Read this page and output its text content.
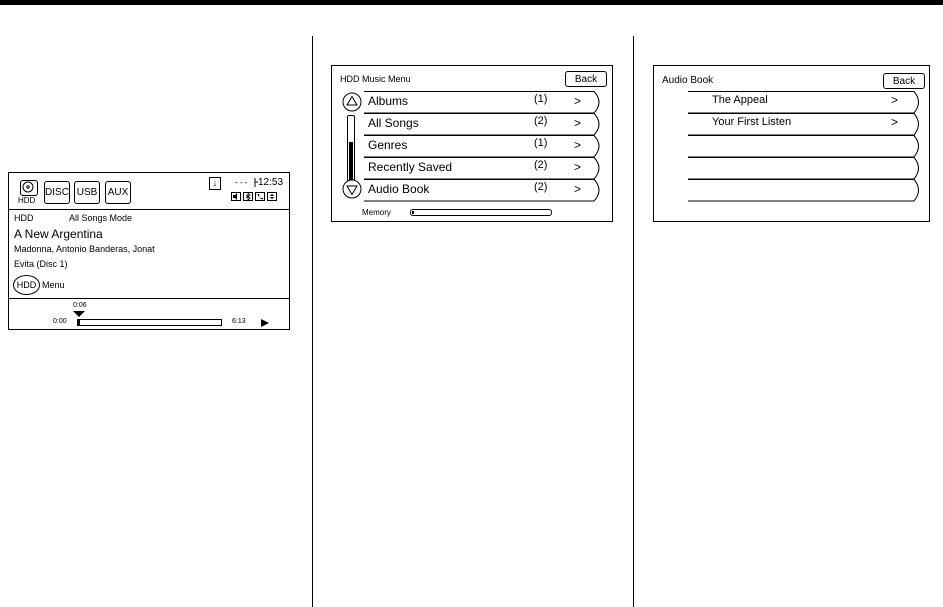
HDD
DISC USB AUX
↓	- - - 12:53
HDD	All Songs Mode
A New Argentina
Madonna, Antonio Banderas, Jonat
Evita (Disc 1)
HDD Menu
0:06
0:00	6:13
HDD Music Menu	Back
Albums	(1) >
All Songs	(2) >
Genres	(1) >
Recently Saved	(2) >
Audio Book	(2) >
Memory
Audio Book	Back
The Appeal	>
Your First Listen	>
